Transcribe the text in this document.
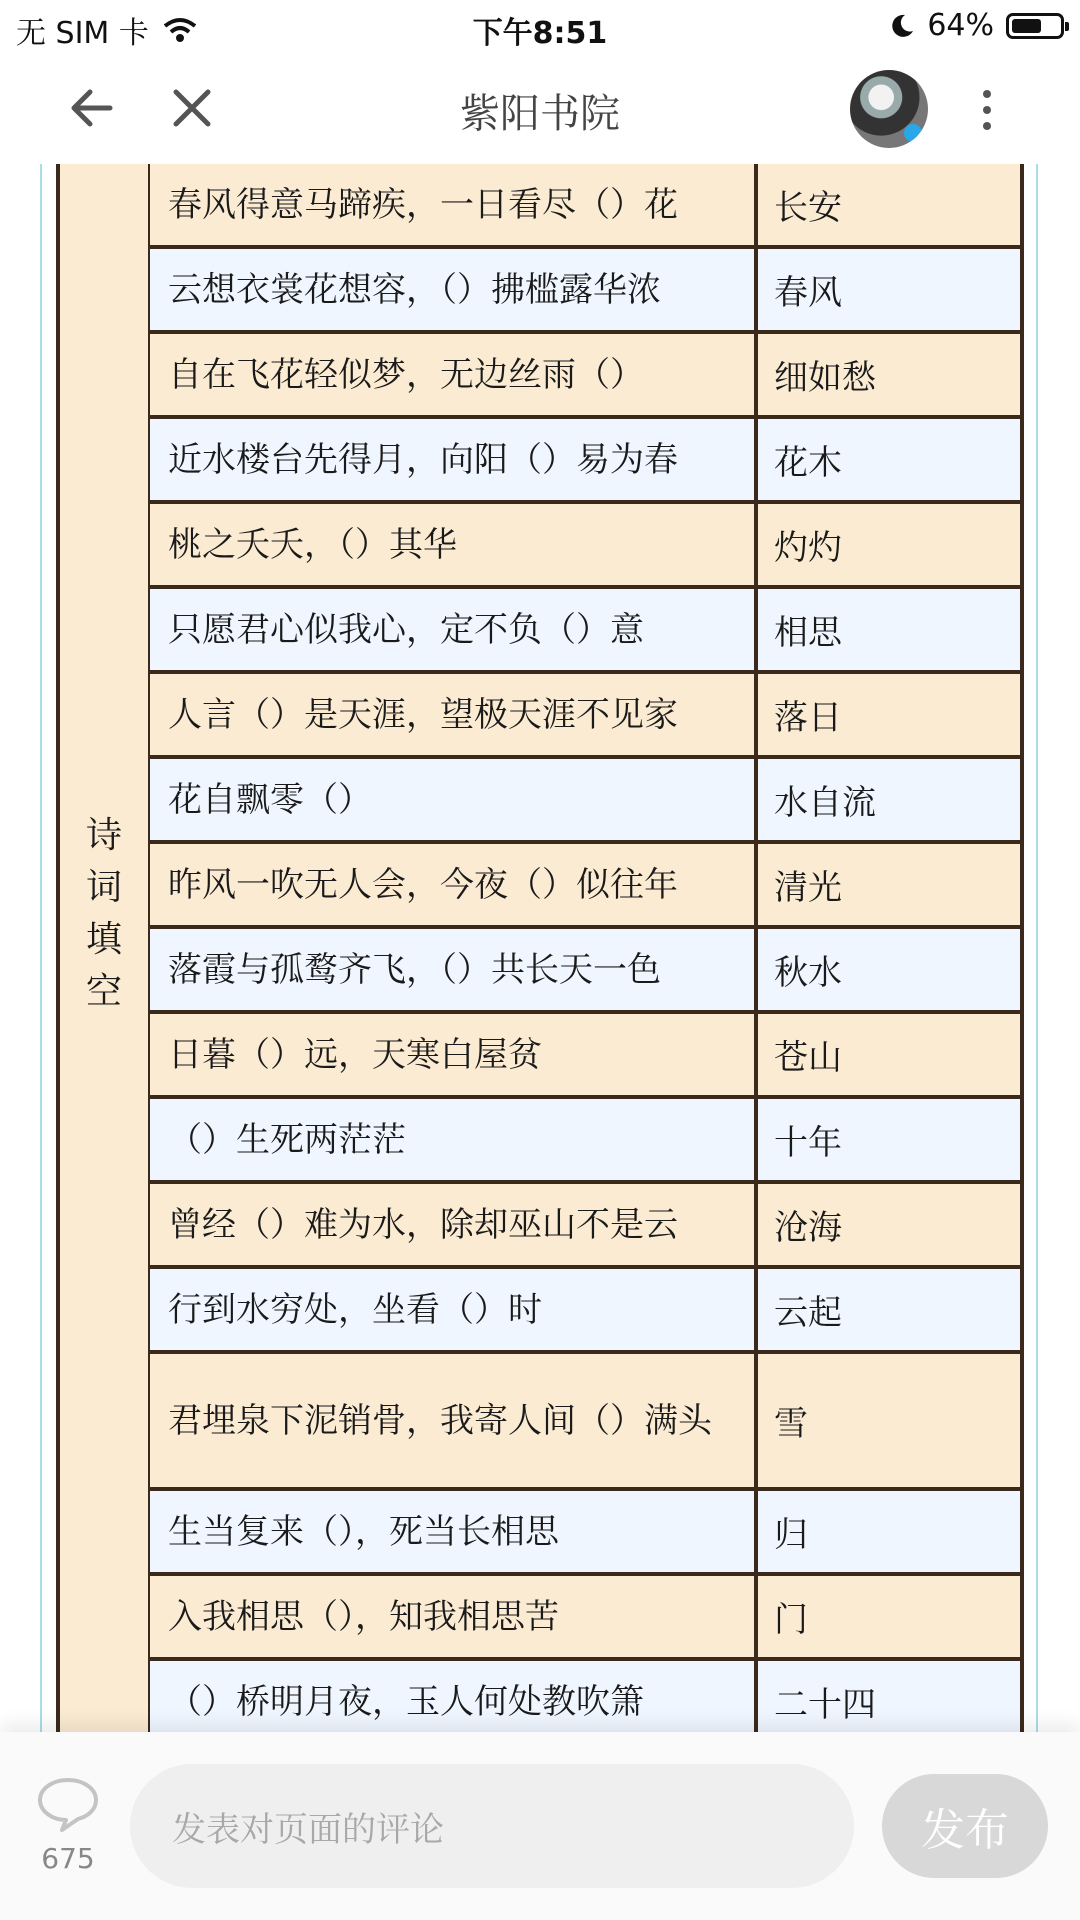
无 SIM 卡	下午8:51	64%
紫阳书院
诗
词
填
空
春风得意马蹄疾，一日看尽（）花	长安
云想衣裳花想容，（）拂槛露华浓	春风
自在飞花轻似梦，无边丝雨（）	细如愁
近水楼台先得月，向阳（）易为春	花木
桃之夭夭，（）其华	灼灼
只愿君心似我心，定不负（）意	相思
人言（）是天涯，望极天涯不见家	落日
花自飘零（）	水自流
昨风一吹无人会，今夜（）似往年	清光
落霞与孤鹜齐飞，（）共长天一色	秋水
日暮（）远，天寒白屋贫	苍山
（）生死两茫茫	十年
曾经（）难为水，除却巫山不是云	沧海
行到水穷处，坐看（）时	云起
君埋泉下泥销骨，我寄人间（）满头	雪
生当复来（），死当长相思	归
入我相思（），知我相思苦	门
（）桥明月夜，玉人何处教吹箫	二十四
675
发表对页面的评论	发布
